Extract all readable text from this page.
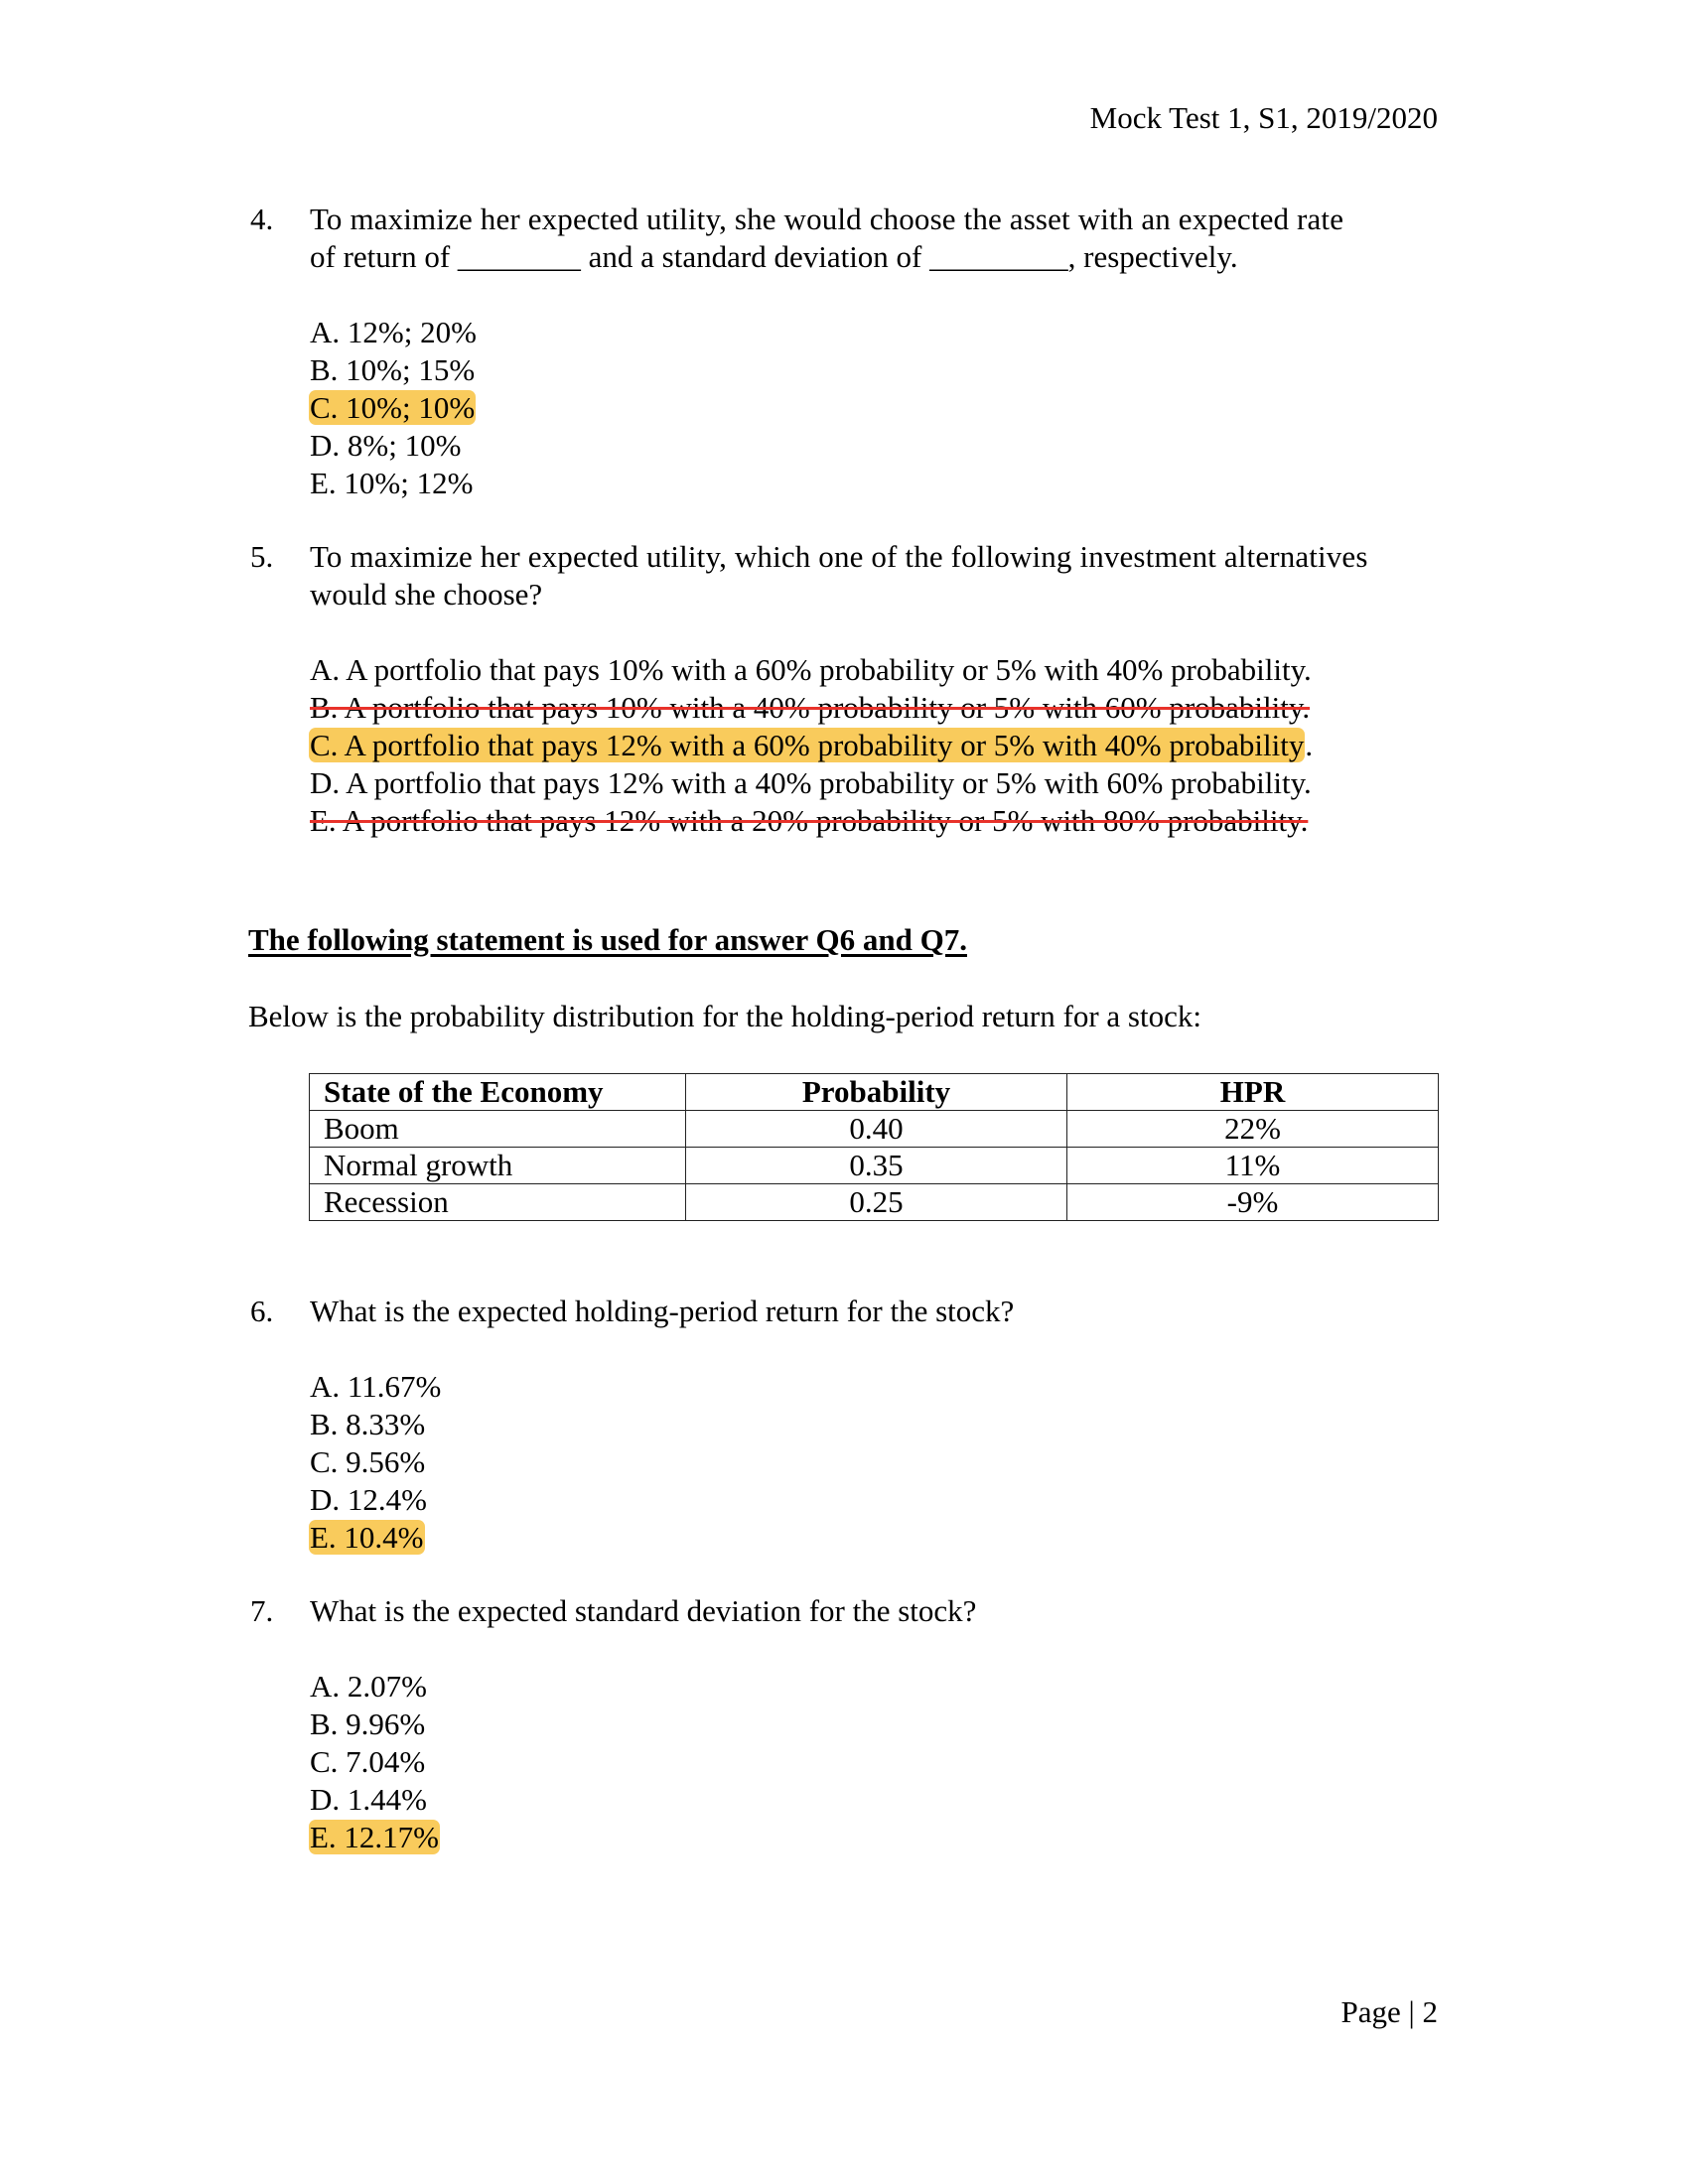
Mock Test 1, S1, 2019/2020
4. To maximize her expected utility, she would choose the asset with an expected rate
of return of ________ and a standard deviation of _________, respectively.
A. 12%; 20%
B. 10%; 15%
C. 10%; 10%
D. 8%; 10%
E. 10%; 12%
5. To maximize her expected utility, which one of the following investment alternatives
would she choose?
A. A portfolio that pays 10% with a 60% probability or 5% with 40% probability.
B. A portfolio that pays 10% with a 40% probability or 5% with 60% probability.
C. A portfolio that pays 12% with a 60% probability or 5% with 40% probability.
D. A portfolio that pays 12% with a 40% probability or 5% with 60% probability.
E. A portfolio that pays 12% with a 20% probability or 5% with 80% probability.
The following statement is used for answer Q6 and Q7.
Below is the probability distribution for the holding-period return for a stock:
State of the Economy	Probability	HPR
Boom	0.40	22%
Normal growth	0.35	11%
Recession	0.25	-9%
6. What is the expected holding-period return for the stock?
A. 11.67%
B. 8.33%
C. 9.56%
D. 12.4%
E. 10.4%
7. What is the expected standard deviation for the stock?
A. 2.07%
B. 9.96%
C. 7.04%
D. 1.44%
E. 12.17%
Page | 2
